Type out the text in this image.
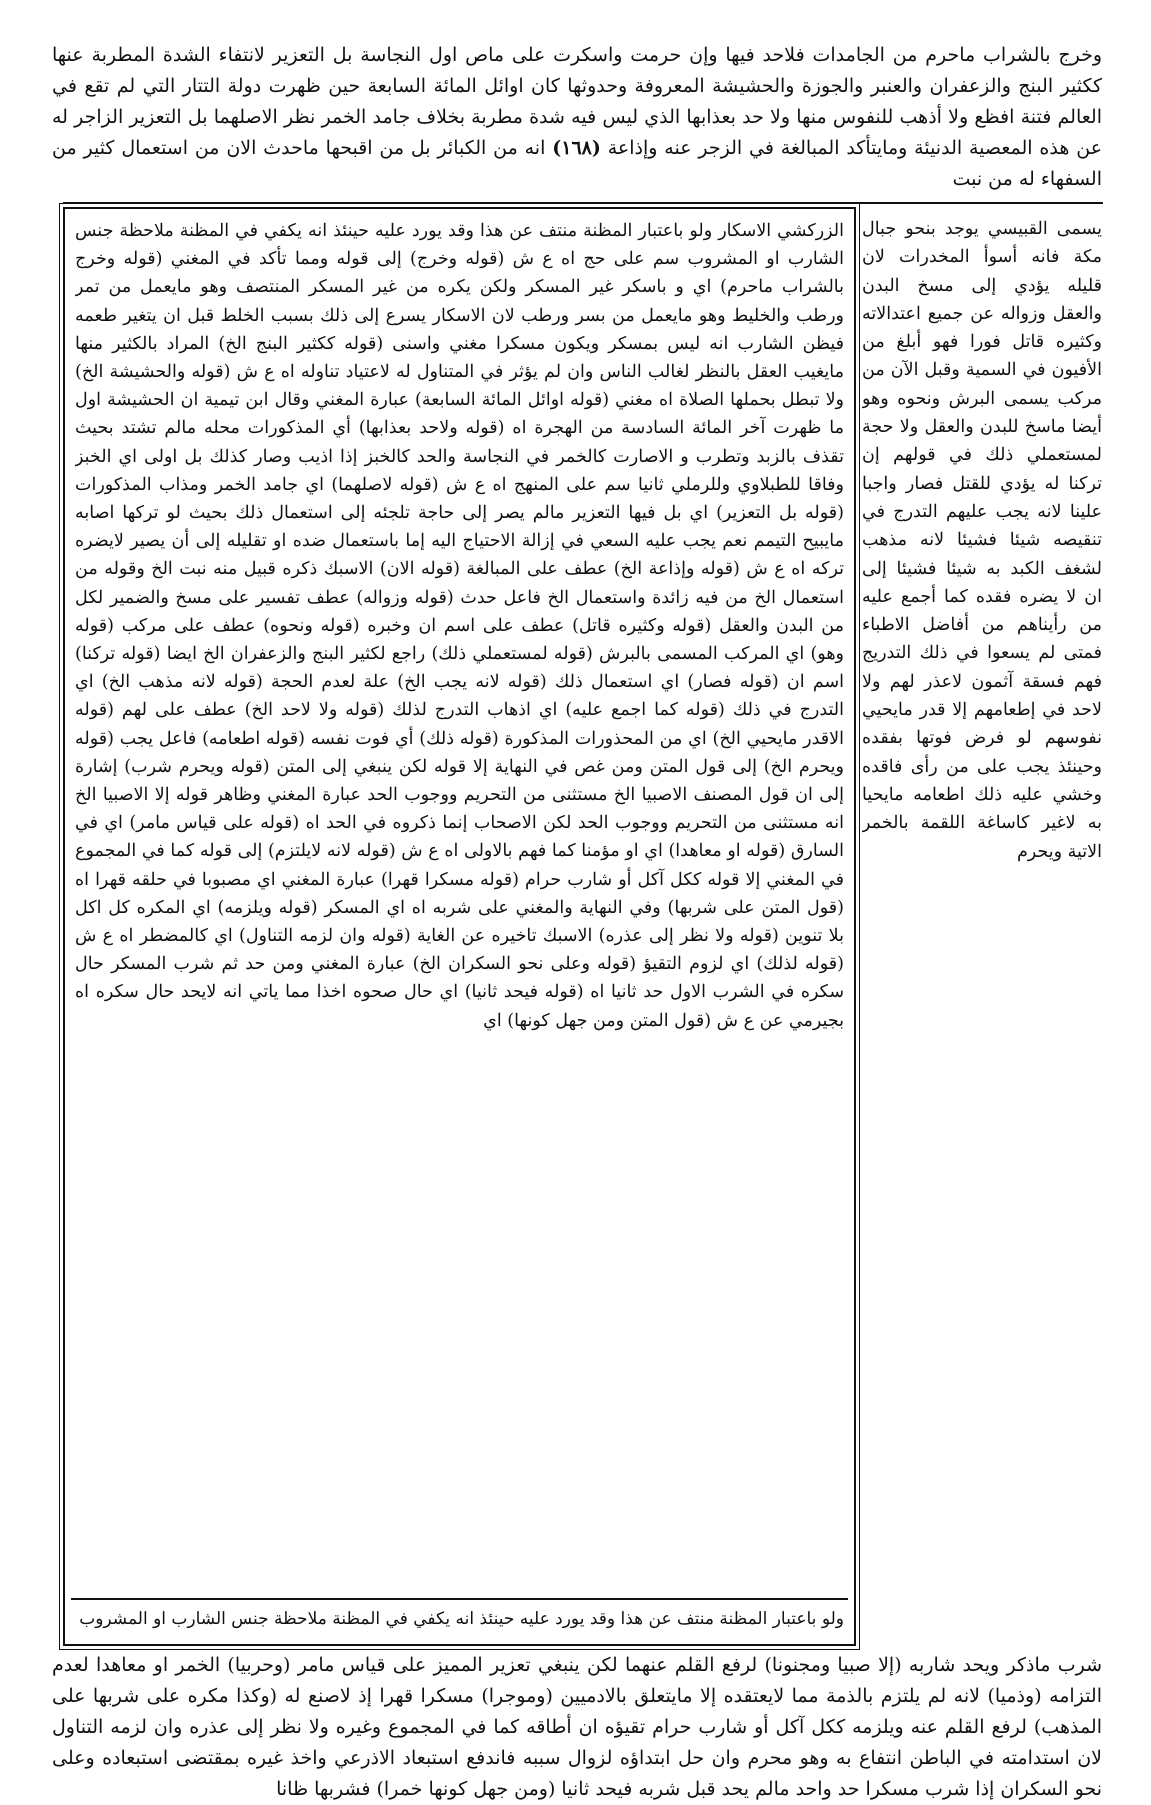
وخرج بالشراب ماحرم من الجامدات فلاحد فيها وإن حرمت واسكرت على ماص اول النجاسة بل التعزير لانتفاء الشدة المطربة عنها ككثير البنج والزعفران والعنبر والجوزة والحشيشة المعروفة وحدوثها كان اوائل المائة السابعة حين ظهرت دولة التتار التي لم تقع في العالم فتنة افظع ولا أذهب للنفوس منها ولا حد بعذابها الذي ليس فيه شدة مطربة بخلاف جامد الخمر نظر الاصلهما بل التعزير الزاجر له عن هذه المعصية الدنيئة ومايتأكد المبالغة في الزجر عنه وإذاعة (١٦٨) انه من الكبائر بل من اقبحها ماحدث الان من استعمال كثير من السفهاء له من نبت
الزركشي الاسكار ولو باعتبار المظنة منتف عن هذا وقد يورد عليه حينئذ انه يكفي في المظنة ملاحظة جنس الشارب او المشروب سم على حج اه ع ش (قوله وخرج) إلى قوله ومما تأكد في المغني (قوله وخرج بالشراب ماحرم) اي و باسكر غير المسكر ولكن يكره من غير المسكر المنتصف وهو مايعمل من تمر ورطب والخليط وهو مايعمل من بسر ورطب لان الاسكار يسرع إلى ذلك بسبب الخلط قبل ان يتغير طعمه فيظن الشارب انه ليس بمسكر ويكون مسكرا مغني واسنى (قوله ككثير البنج الخ) المراد بالكثير منها مايغيب العقل بالنظر لغالب الناس وان لم يؤثر في المتناول له لاعتياد تناوله اه ع ش (قوله والحشيشة الخ) ولا تبطل بحملها الصلاة اه مغني (قوله اوائل المائة السابعة) عبارة المغني وقال ابن تيمية ان الحشيشة اول ما ظهرت آخر المائة السادسة من الهجرة اه (قوله ولاحد بعذابها) أي المذكورات محله مالم تشتد بحيث تقذف بالزبد وتطرب و الاصارت كالخمر في النجاسة والحد كالخبز إذا اذيب وصار كذلك بل اولى اي الخبز وفاقا للطبلاوي وللرملي ثانيا سم على المنهج اه ع ش (قوله لاصلهما) اي جامد الخمر ومذاب المذكورات (قوله بل التعزير) اي بل فيها التعزير مالم يصر إلى حاجة تلجئه إلى استعمال ذلك بحيث لو تركها اصابه مايبيح التيمم نعم يجب عليه السعي في إزالة الاحتياج اليه إما باستعمال ضده او تقليله إلى أن يصير لايضره تركه اه ع ش (قوله وإذاعة الخ) عطف على المبالغة (قوله الان) الاسبك ذكره قبيل منه نبت الخ وقوله من استعمال الخ من فيه زائدة واستعمال الخ فاعل حدث (قوله وزواله) عطف تفسير على مسخ والضمير لكل من البدن والعقل (قوله وكثيره قاتل) عطف على اسم ان وخبره (قوله ونحوه) عطف على مركب (قوله وهو) اي المركب المسمى بالبرش (قوله لمستعملي ذلك) راجع لكثير البنج والزعفران الخ ايضا (قوله تركنا) اسم ان (قوله فصار) اي استعمال ذلك (قوله لانه يجب الخ) علة لعدم الحجة (قوله لانه مذهب الخ) اي التدرج في ذلك (قوله كما اجمع عليه) اي اذهاب التدرج لذلك (قوله ولا لاحد الخ) عطف على لهم (قوله الاقدر مايحيي الخ) اي من المحذورات المذكورة (قوله ذلك) أي فوت نفسه (قوله اطعامه) فاعل يجب (قوله ويحرم الخ) إلى قول المتن ومن غص في النهاية إلا قوله لكن ينبغي إلى المتن (قوله ويحرم شرب) إشارة إلى ان قول المصنف الاصبيا الخ مستثنى من التحريم ووجوب الحد عبارة المغني وظاهر قوله إلا الاصبيا الخ انه مستثنى من التحريم ووجوب الحد لكن الاصحاب إنما ذكروه في الحد اه (قوله على قياس مامر) اي في السارق (قوله او معاهدا) اي او مؤمنا كما فهم بالاولى اه ع ش (قوله لانه لايلتزم) إلى قوله كما في المجموع في المغني إلا قوله ككل آكل أو شارب حرام (قوله مسكرا قهرا) عبارة المغني اي مصبوبا في حلقه قهرا اه (قول المتن على شربها) وفي النهاية والمغني على شربه اه اي المسكر (قوله ويلزمه) اي المكره كل اكل بلا تنوين (قوله ولا نظر إلى عذره) الاسبك تاخيره عن الغاية (قوله وان لزمه التناول) اي كالمضطر اه ع ش (قوله لذلك) اي لزوم التقيؤ (قوله وعلى نحو السكران الخ) عبارة المغني ومن حد ثم شرب المسكر حال سكره في الشرب الاول حد ثانيا اه (قوله فيحد ثانيا) اي حال صحوه اخذا مما ياتي انه لايحد حال سكره اه بجيرمي عن ع ش (قول المتن ومن جهل كونها) اي
ولو باعتبار المظنة منتف عن هذا وقد يورد عليه حينئذ انه يكفي في المظنة ملاحظة جنس الشارب او المشروب
يسمى القبيسي يوجد بنحو جبال مكة فانه أسوأ المخدرات لان قليله يؤدي إلى مسخ البدن والعقل وزواله عن جميع اعتدالاته وكثيره قاتل فورا فهو أبلغ من الأفيون في السمية وقبل الآن من مركب يسمى البرش ونحوه وهو أيضا ماسخ للبدن والعقل ولا حجة لمستعملي ذلك في قولهم إن تركنا له يؤدي للقتل فصار واجبا علينا لانه يجب عليهم التدرج في تنقيصه شيئا فشيئا لانه مذهب لشغف الكبد به شيئا فشيئا إلى ان لا يضره فقده كما أجمع عليه من رأيناهم من أفاضل الاطباء فمتى لم يسعوا في ذلك التدريج فهم فسقة آثمون لاعذر لهم ولا لاحد في إطعامهم إلا قدر مايحيي نفوسهم لو فرض فوتها بفقده وحينئذ يجب على من رأى فاقده وخشي عليه ذلك اطعامه مايحيا به لاغير كاساغة اللقمة بالخمر الاتية ويحرم
شرب ماذكر ويحد شاربه (إلا صبيا ومجنونا) لرفع القلم عنهما لكن ينبغي تعزير المميز على قياس مامر (وحربيا) الخمر او معاهدا لعدم التزامه (وذميا) لانه لم يلتزم بالذمة مما لايعتقده إلا مايتعلق بالادميين (وموجرا) مسكرا قهرا إذ لاصنع له (وكذا مكره على شربها على المذهب) لرفع القلم عنه ويلزمه ككل آكل أو شارب حرام تقيؤه ان أطاقه كما في المجموع وغيره ولا نظر إلى عذره وان لزمه التناول لان استدامته في الباطن انتفاع به وهو محرم وان حل ابتداؤه لزوال سببه فاندفع استبعاد الاذرعي واخذ غيره بمقتضى استبعاده وعلى نحو السكران إذا شرب مسكرا حد واحد مالم يحد قبل شربه فيحد ثانيا (ومن جهل كونها خمرا) فشربها ظانا
